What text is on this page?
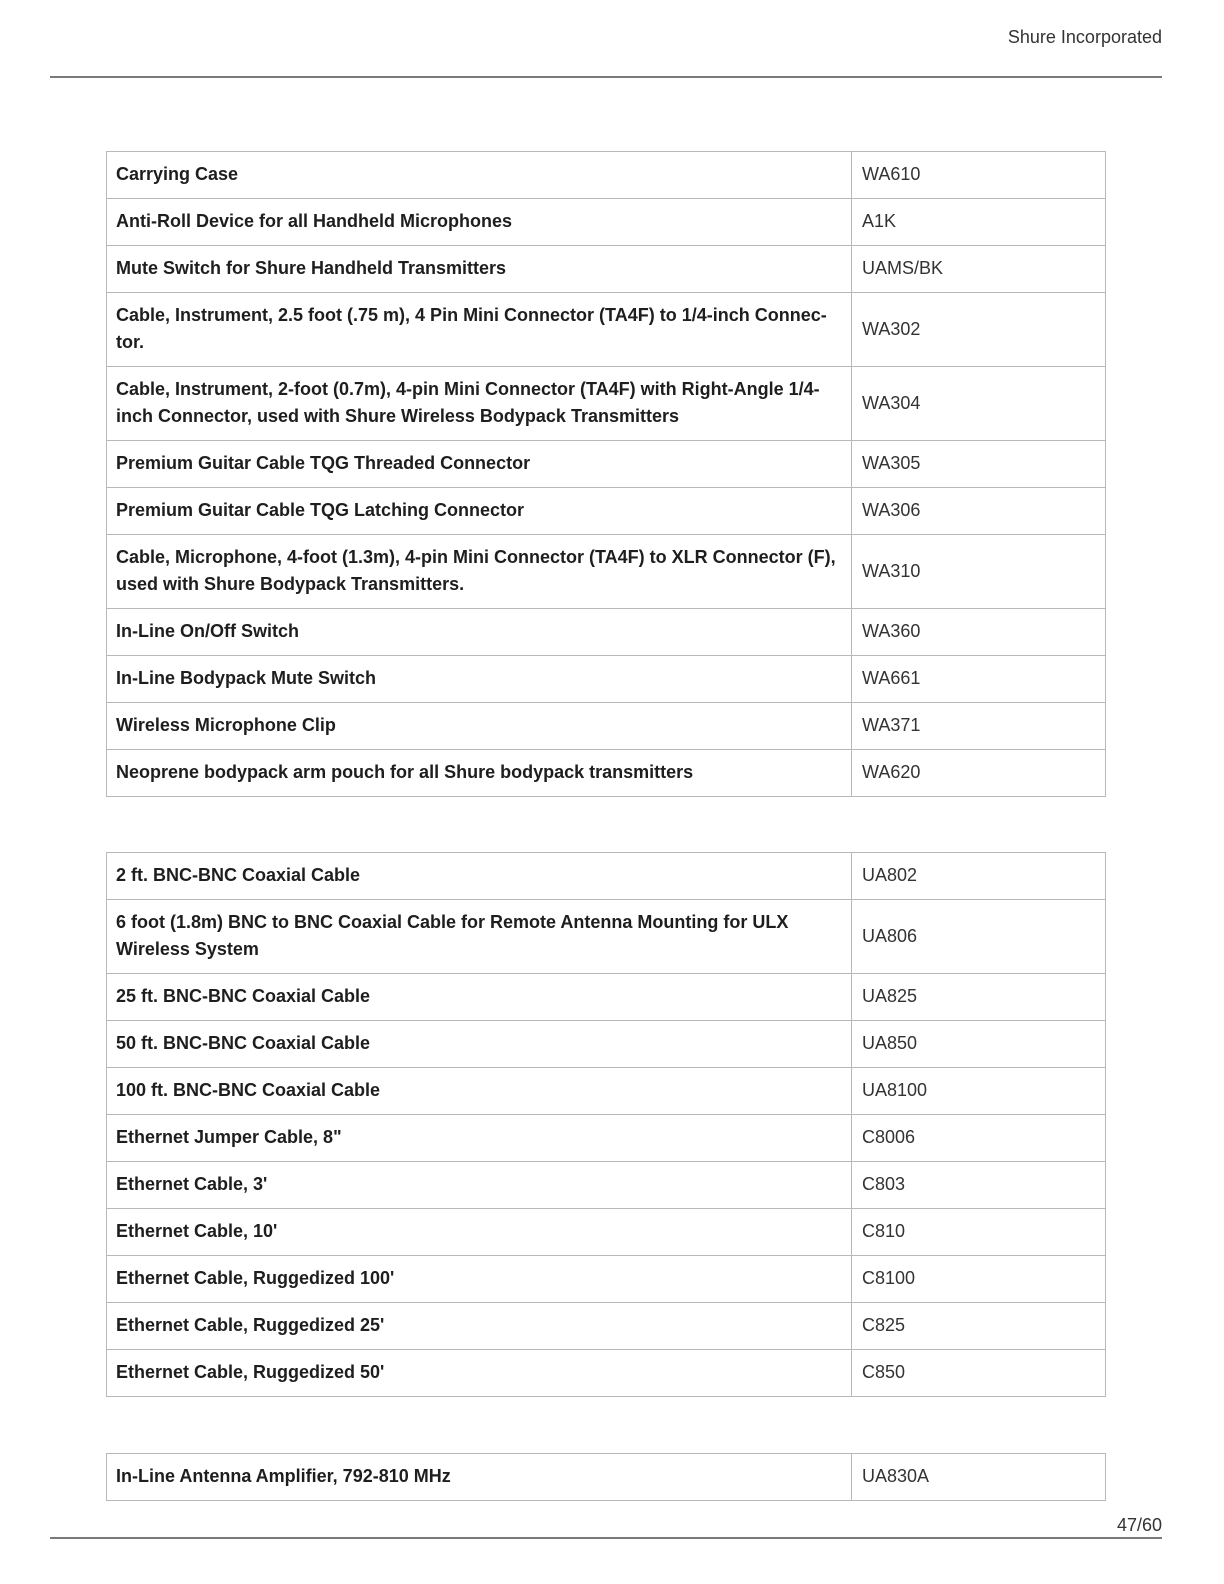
Shure Incorporated
Carrying Case	WA610
Anti-Roll Device for all Handheld Microphones	A1K
Mute Switch for Shure Handheld Transmitters	UAMS/BK
Cable, Instrument, 2.5 foot (.75 m), 4 Pin Mini Connector (TA4F) to 1/4-inch Connector.	WA302
Cable, Instrument, 2-foot (0.7m), 4-pin Mini Connector (TA4F) with Right-Angle 1/4-inch Connector, used with Shure Wireless Bodypack Transmitters	WA304
Premium Guitar Cable TQG Threaded Connector	WA305
Premium Guitar Cable TQG Latching Connector	WA306
Cable, Microphone, 4-foot (1.3m), 4-pin Mini Connector (TA4F) to XLR Connector (F), used with Shure Bodypack Transmitters.	WA310
In-Line On/Off Switch	WA360
In-Line Bodypack Mute Switch	WA661
Wireless Microphone Clip	WA371
Neoprene bodypack arm pouch for all Shure bodypack transmitters	WA620
2 ft. BNC-BNC Coaxial Cable	UA802
6 foot (1.8m) BNC to BNC Coaxial Cable for Remote Antenna Mounting for ULX Wireless System	UA806
25 ft. BNC-BNC Coaxial Cable	UA825
50 ft. BNC-BNC Coaxial Cable	UA850
100 ft. BNC-BNC Coaxial Cable	UA8100
Ethernet Jumper Cable, 8"	C8006
Ethernet Cable, 3'	C803
Ethernet Cable, 10'	C810
Ethernet Cable, Ruggedized 100'	C8100
Ethernet Cable, Ruggedized 25'	C825
Ethernet Cable, Ruggedized 50'	C850
In-Line Antenna Amplifier, 792-810 MHz	UA830A
47/60
